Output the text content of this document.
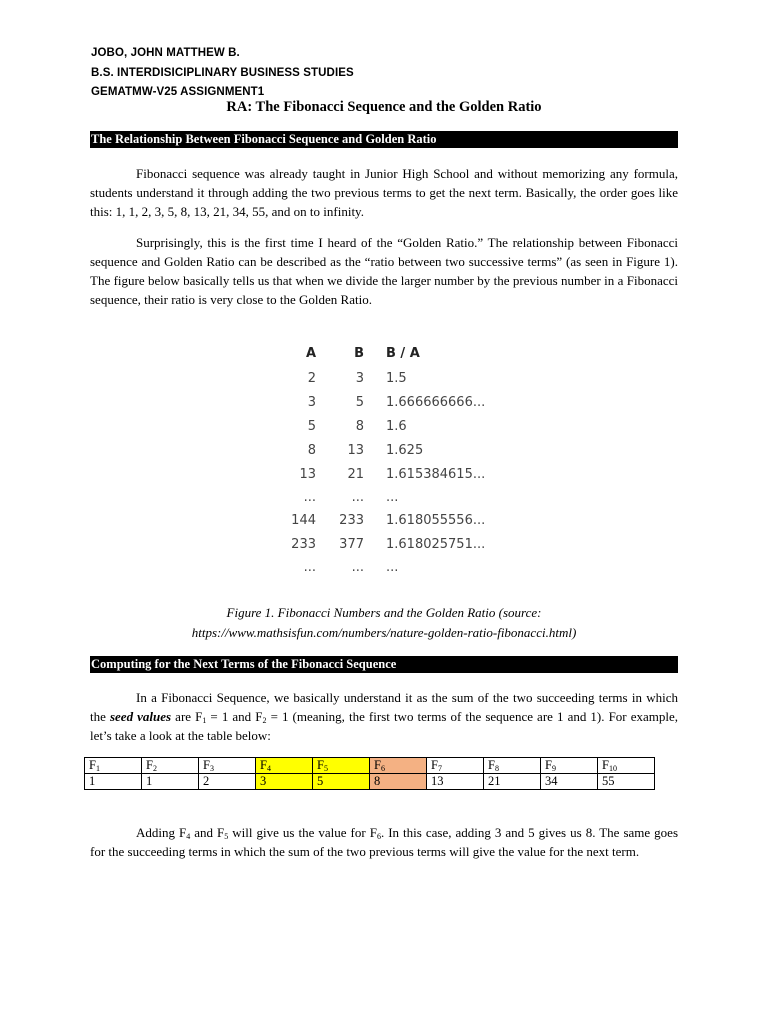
JOBO, JOHN MATTHEW B.
B.S. INTERDISICIPLINARY BUSINESS STUDIES
GEMATMW-V25 ASSIGNMENT1
RA: The Fibonacci Sequence and the Golden Ratio
The Relationship Between Fibonacci Sequence and Golden Ratio

Fibonacci sequence was already taught in Junior High School and without memorizing any formula, students understand it through adding the two previous terms to get the next term. Basically, the order goes like this: 1, 1, 2, 3, 5, 8, 13, 21, 34, 55, and on to infinity.

Surprisingly, this is the first time I heard of the “Golden Ratio.” The relationship between Fibonacci sequence and Golden Ratio can be described as the “ratio between two successive terms” (as seen in Figure 1). The figure below basically tells us that when we divide the larger number by the previous number in a Fibonacci sequence, their ratio is very close to the Golden Ratio.

A	B B / A
2	3 1.5
3	5 1.666666666...
5	8 1.6
8	13 1.625
13	21 1.615384615...
...	... ...
144	233 1.618055556...
233	377 1.618025751...
...	... ...
Figure 1. Fibonacci Numbers and the Golden Ratio (source:
https://www.mathsisfun.com/numbers/nature-golden-ratio-fibonacci.html)
Computing for the Next Terms of the Fibonacci Sequence

In a Fibonacci Sequence, we basically understand it as the sum of the two succeeding terms in which the seed values are $F_1 = 1$ and $F_2 = 1$ (meaning, the first two terms of the sequence are 1 and 1). For example, let’s take a look at the table below:

$F_1$	$F_2$	$F_3$	$F_4$	$F_5$	$F_6$	$F_7$	$F_8$	$F_9$	$F_{10}$
1	1	2	3	5	8	13	21	34	55

Adding $F_4$ and $F_5$ will give us the value for $F_6$. In this case, adding 3 and 5 gives us 8. The same goes for the succeeding terms in which the sum of the two previous terms will give the value for the next term.
